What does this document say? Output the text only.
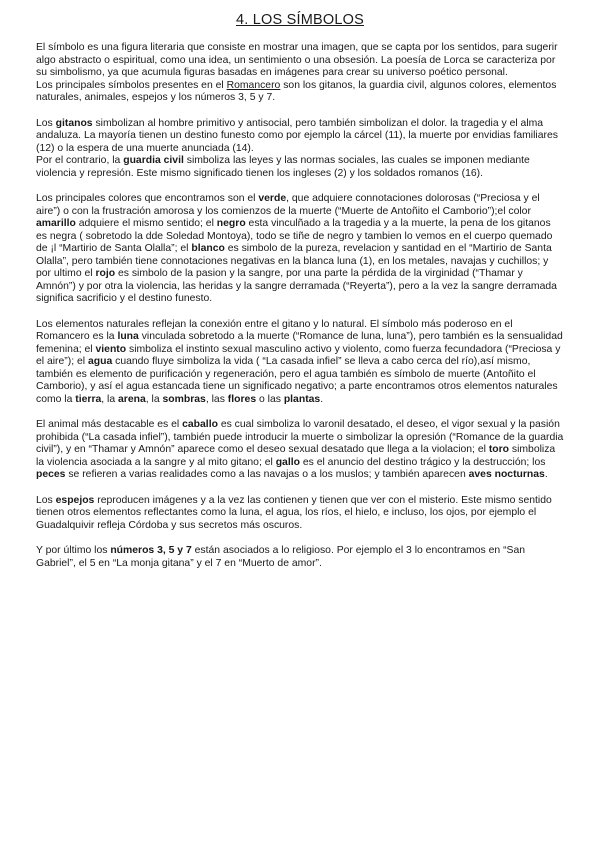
4. LOS SÍMBOLOS

El símbolo es una figura literaria que consiste en mostrar una imagen, que se capta por los sentidos, para sugerir algo abstracto o espiritual, como una idea, un sentimiento o una obsesión. La poesía de Lorca se caracteriza por su simbolismo, ya que acumula figuras basadas en imágenes para crear su universo poético personal.

Los principales símbolos presentes en el Romancero son los gitanos, la guardia civil, algunos colores, elementos naturales, animales, espejos y los números 3, 5 y 7.

Los gitanos simbolizan al hombre primitivo y antisocial, pero también simbolizan el dolor. la tragedia y el alma andaluza. La mayoría tienen un destino funesto como por ejemplo la cárcel (11), la muerte por envidias familiares (12) o la espera de una muerte anunciada (14).

Por el contrario, la guardia civil simboliza las leyes y las normas sociales, las cuales se imponen mediante violencia y represión. Este mismo significado tienen los ingleses (2) y los soldados romanos (16).

Los principales colores que encontramos son el verde, que adquiere connotaciones dolorosas (“Preciosa y el aire”) o con la frustración amorosa y los comienzos de la muerte (“Muerte de Antoñito el Camborio”);el color amarillo adquiere el mismo sentido; el negro esta vinculñado a la tragedia y a la muerte, la pena de los gitanos es negra ( sobretodo la dde Soledad Montoya), todo se tiñe de negro y tambien lo vemos en el cuerpo quemado de ¡l “Martirio de Santa Olalla”; el blanco es simbolo de la pureza, revelacion y santidad en el “Martirio de Santa Olalla”, pero también tiene connotaciones negativas en la blanca luna (1), en los metales, navajas y cuchillos; y por ultimo el rojo es simbolo de la pasion y la sangre, por una parte la pérdida de la virginidad (“Thamar y Amnón”) y por otra la violencia, las heridas y la sangre derramada (“Reyerta”), pero a la vez la sangre derramada significa sacrificio y el destino funesto.

Los elementos naturales reflejan la conexión entre el gitano y lo natural. El símbolo más poderoso en el Romancero es la luna vinculada sobretodo a la muerte (“Romance de luna, luna”), pero también es la sensualidad femenina; el viento simboliza el instinto sexual masculino activo y violento, como fuerza fecundadora (“Preciosa y el aire”); el agua cuando fluye simboliza la vida ( “La casada infiel” se lleva a cabo cerca del río),así mismo, también es elemento de purificación y regeneración, pero el agua también es símbolo de muerte (Antoñito el Camborio), y así el agua estancada tiene un significado negativo; a parte encontramos otros elementos naturales como la tierra, la arena, la sombras, las flores o las plantas.

El animal más destacable es el caballo es cual simboliza lo varonil desatado, el deseo, el vigor sexual y la pasión prohibida (“La casada infiel”), también puede introducir la muerte o simbolizar la opresión (“Romance de la guardia civil”), y en “Thamar y Amnón” aparece como el deseo sexual desatado que llega a la violacion; el toro simboliza la violencia asociada a la sangre y al mito gitano; el gallo es el anuncio del destino trágico y la destrucción; los peces se refieren a varias realidades como a las navajas o a los muslos; y también aparecen aves nocturnas.

Los espejos reproducen imágenes y a la vez las contienen y tienen que ver con el misterio. Este mismo sentido tienen otros elementos reflectantes como la luna, el agua, los ríos, el hielo, e incluso, los ojos, por ejemplo el Guadalquivir refleja Córdoba y sus secretos más oscuros.

Y por último los números 3, 5 y 7 están asociados a lo religioso. Por ejemplo el 3 lo encontramos en “San Gabriel”, el 5 en “La monja gitana” y el 7 en “Muerto de amor”.
